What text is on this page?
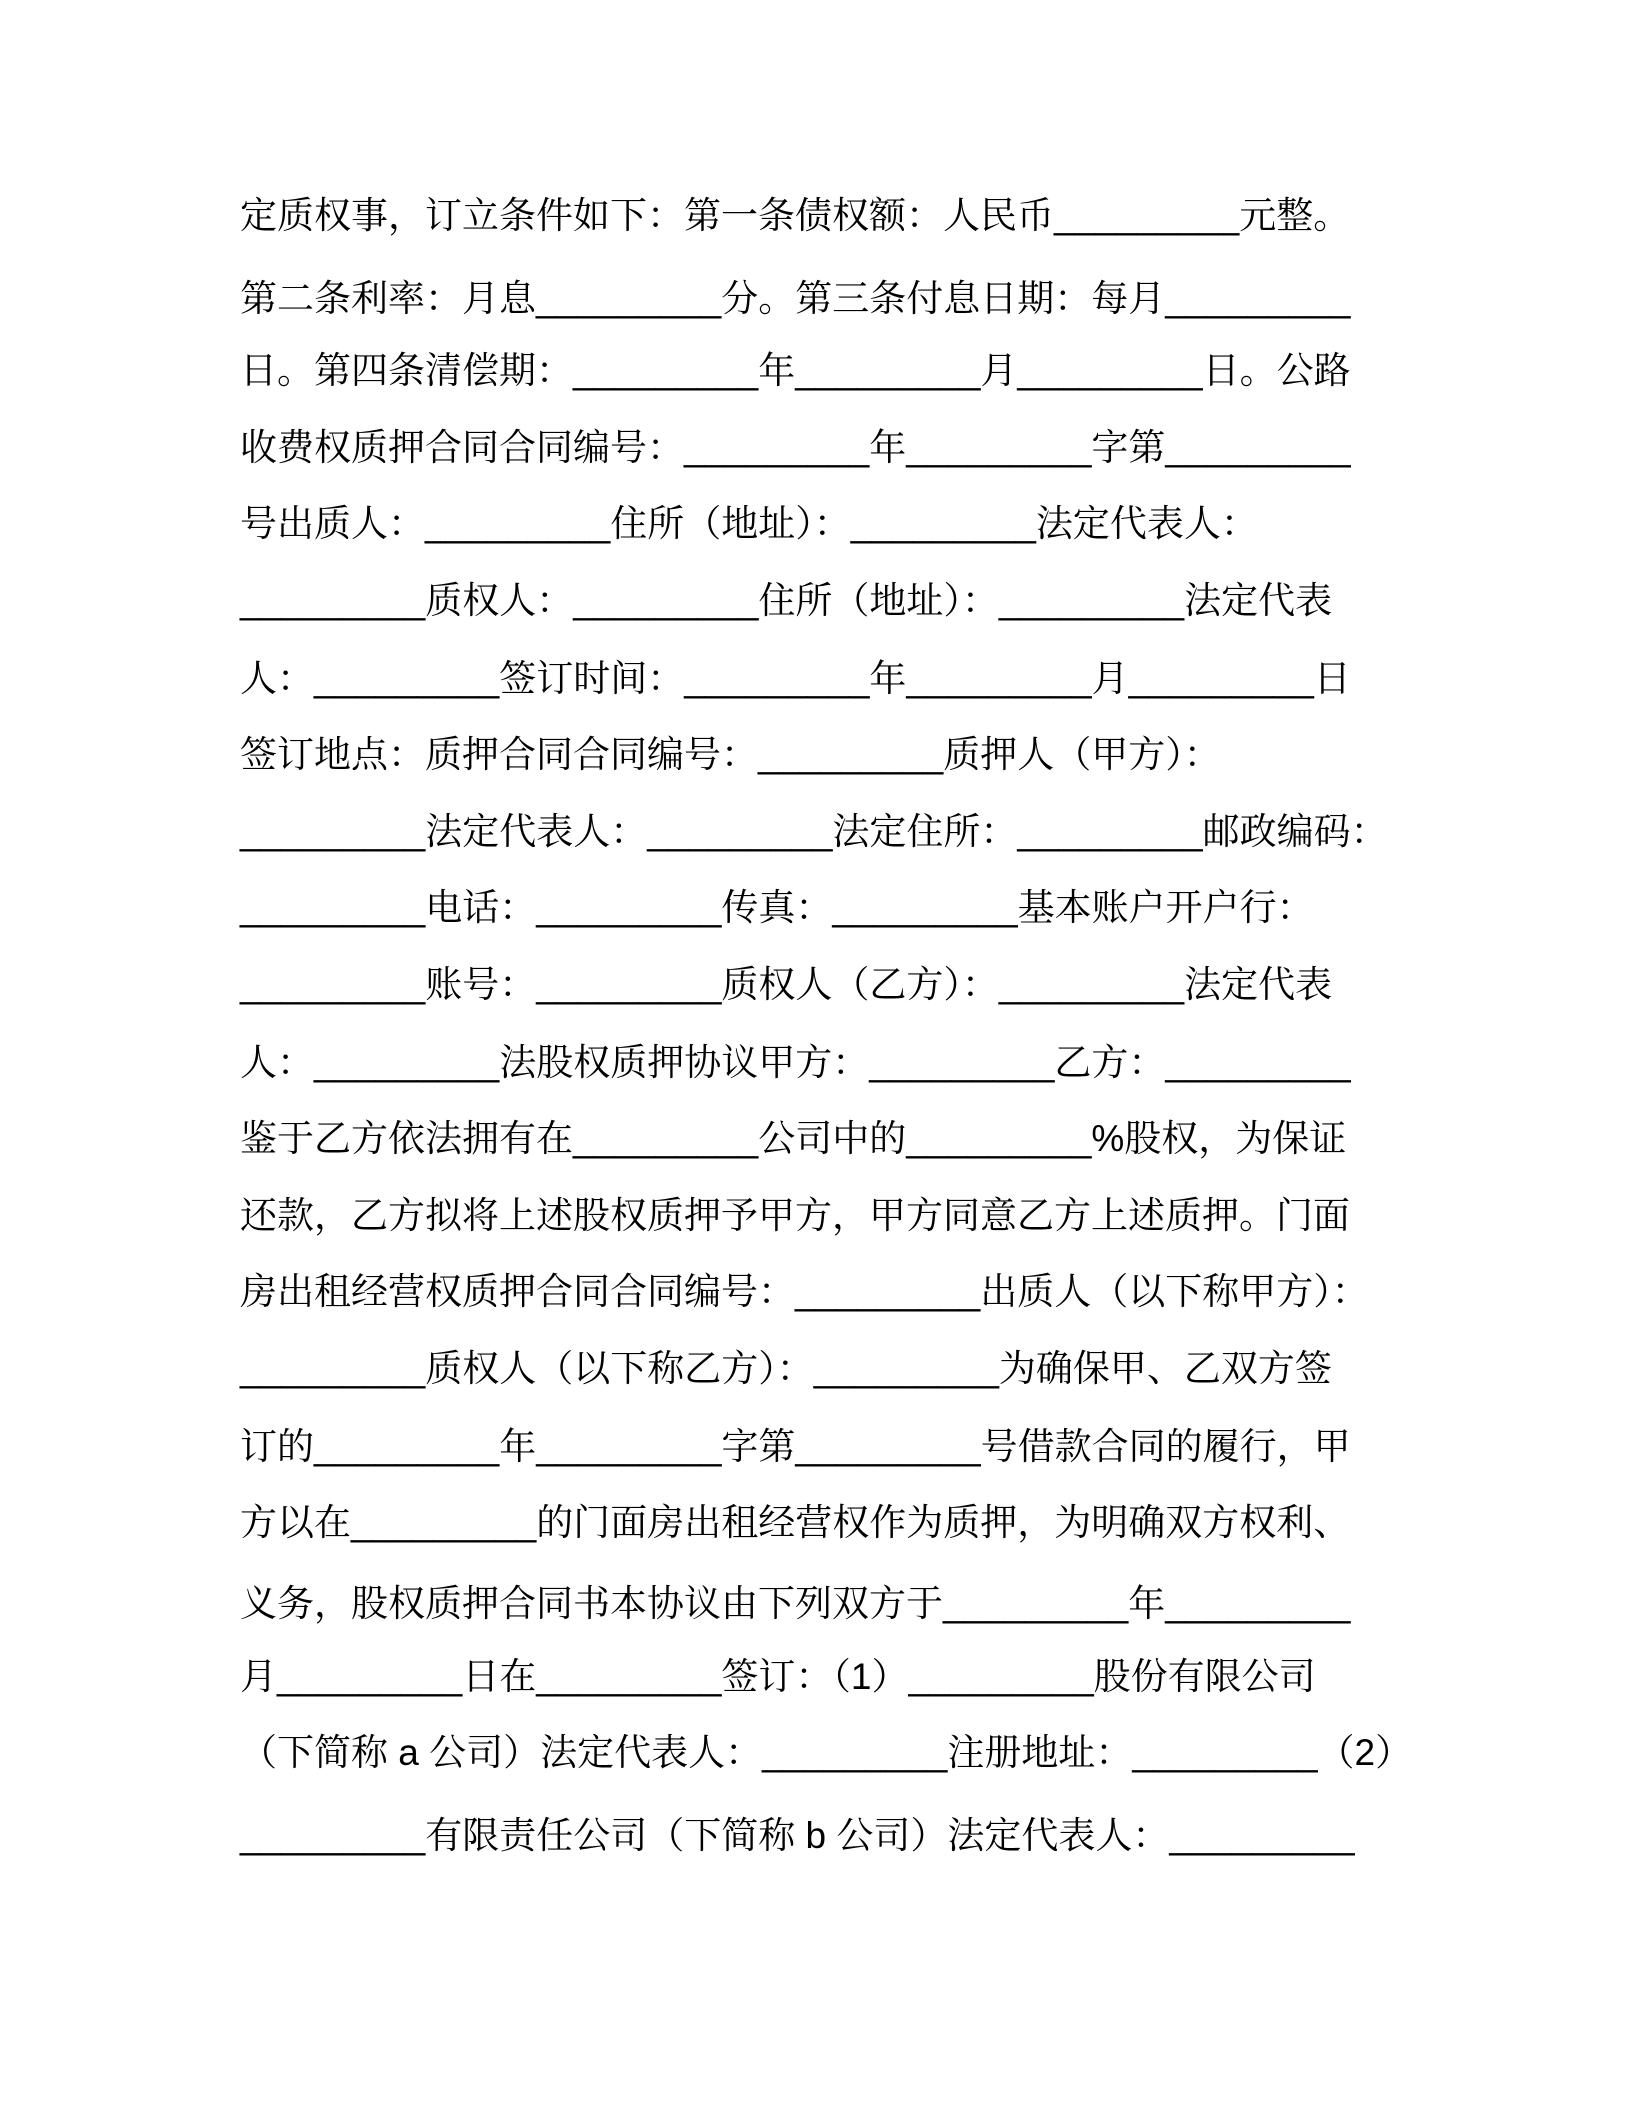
定质权事，订立条件如下：第一条债权额：人民币_________元整。
第二条利率：月息_________分。第三条付息日期：每月_________
日。第四条清偿期：_________年_________月_________日。公路
收费权质押合同合同编号：_________年_________字第_________
号出质人：_________住所（地址）：_________法定代表人：
_________质权人：_________住所（地址）：_________法定代表
人：_________签订时间：_________年_________月_________日
签订地点：质押合同合同编号：_________质押人（甲方）：
_________法定代表人：_________法定住所：_________邮政编码：
_________电话：_________传真：_________基本账户开户行：
_________账号：_________质权人（乙方）：_________法定代表
人：_________法股权质押协议甲方：_________乙方：_________
鉴于乙方依法拥有在_________公司中的_________%股权，为保证
还款，乙方拟将上述股权质押予甲方，甲方同意乙方上述质押。门面
房出租经营权质押合同合同编号：_________出质人（以下称甲方）：
_________质权人（以下称乙方）：_________为确保甲、乙双方签
订的_________年_________字第_________号借款合同的履行，甲
方以在_________的门面房出租经营权作为质押，为明确双方权利、
义务，股权质押合同书本协议由下列双方于_________年_________
月_________日在_________签订：（1）_________股份有限公司
（下简称 a 公司）法定代表人：_________注册地址：_________（2）
_________有限责任公司（下简称 b 公司）法定代表人：_________
